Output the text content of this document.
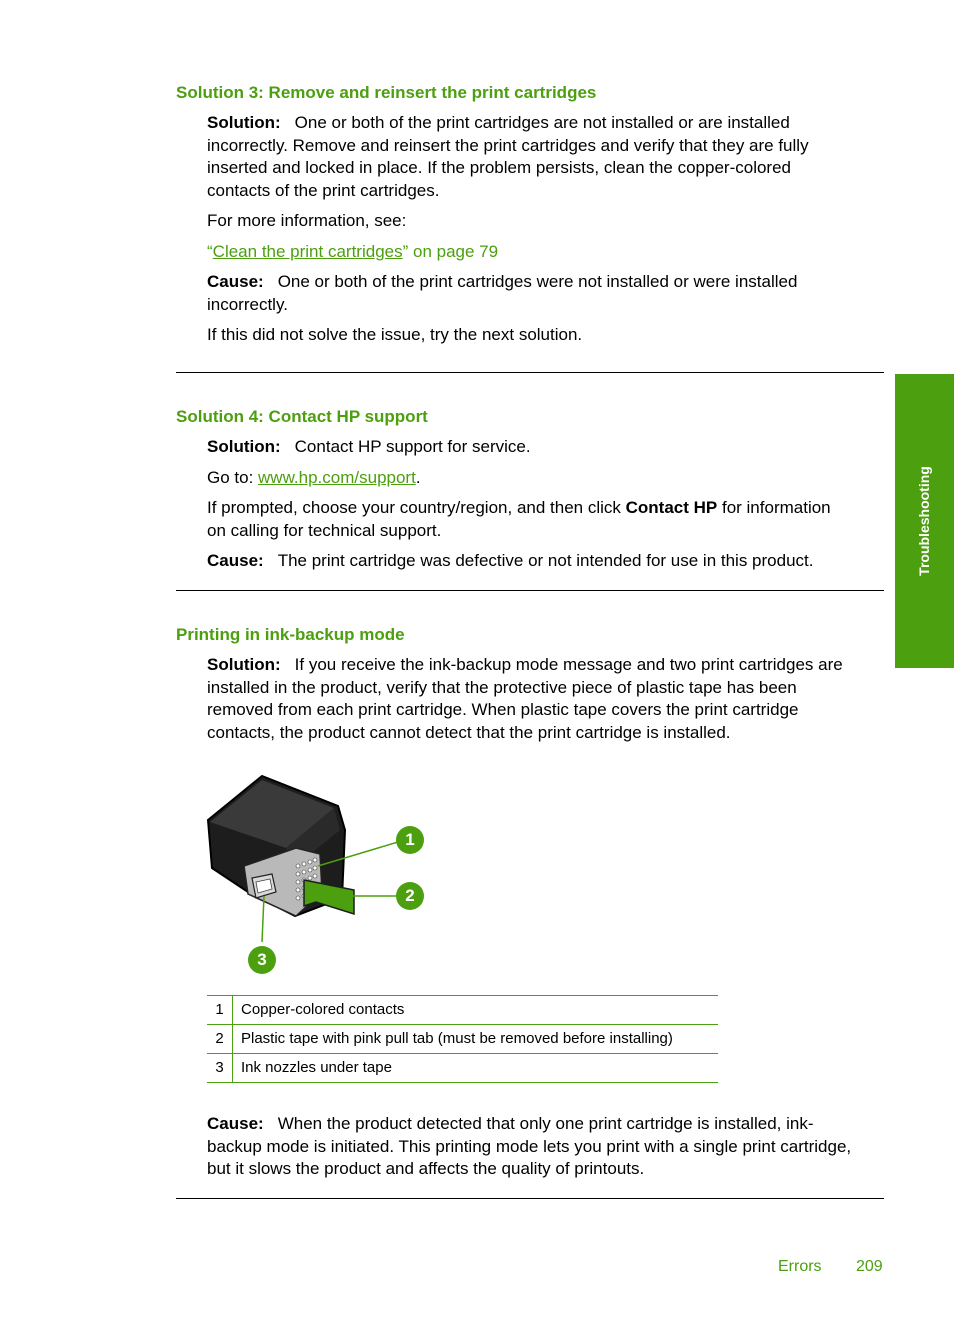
Troubleshooting
Solution 3: Remove and reinsert the print cartridges
Solution: One or both of the print cartridges are not installed or are installed
incorrectly. Remove and reinsert the print cartridges and verify that they are fully
inserted and locked in place. If the problem persists, clean the copper-colored
contacts of the print cartridges.
For more information, see:
“Clean the print cartridges” on page 79
Cause: One or both of the print cartridges were not installed or were installed
incorrectly.
If this did not solve the issue, try the next solution.
Solution 4: Contact HP support
Solution: Contact HP support for service.
Go to: www.hp.com/support.
If prompted, choose your country/region, and then click Contact HP for information
on calling for technical support.
Cause: The print cartridge was defective or not intended for use in this product.
Printing in ink-backup mode
Solution: If you receive the ink-backup mode message and two print cartridges are
installed in the product, verify that the protective piece of plastic tape has been
removed from each print cartridge. When plastic tape covers the print cartridge
contacts, the product cannot detect that the print cartridge is installed.
1
2
3
1	Copper-colored contacts
2	Plastic tape with pink pull tab (must be removed before installing)
3	Ink nozzles under tape
Cause: When the product detected that only one print cartridge is installed, ink-
backup mode is initiated. This printing mode lets you print with a single print cartridge,
but it slows the product and affects the quality of printouts.
Errors 209
